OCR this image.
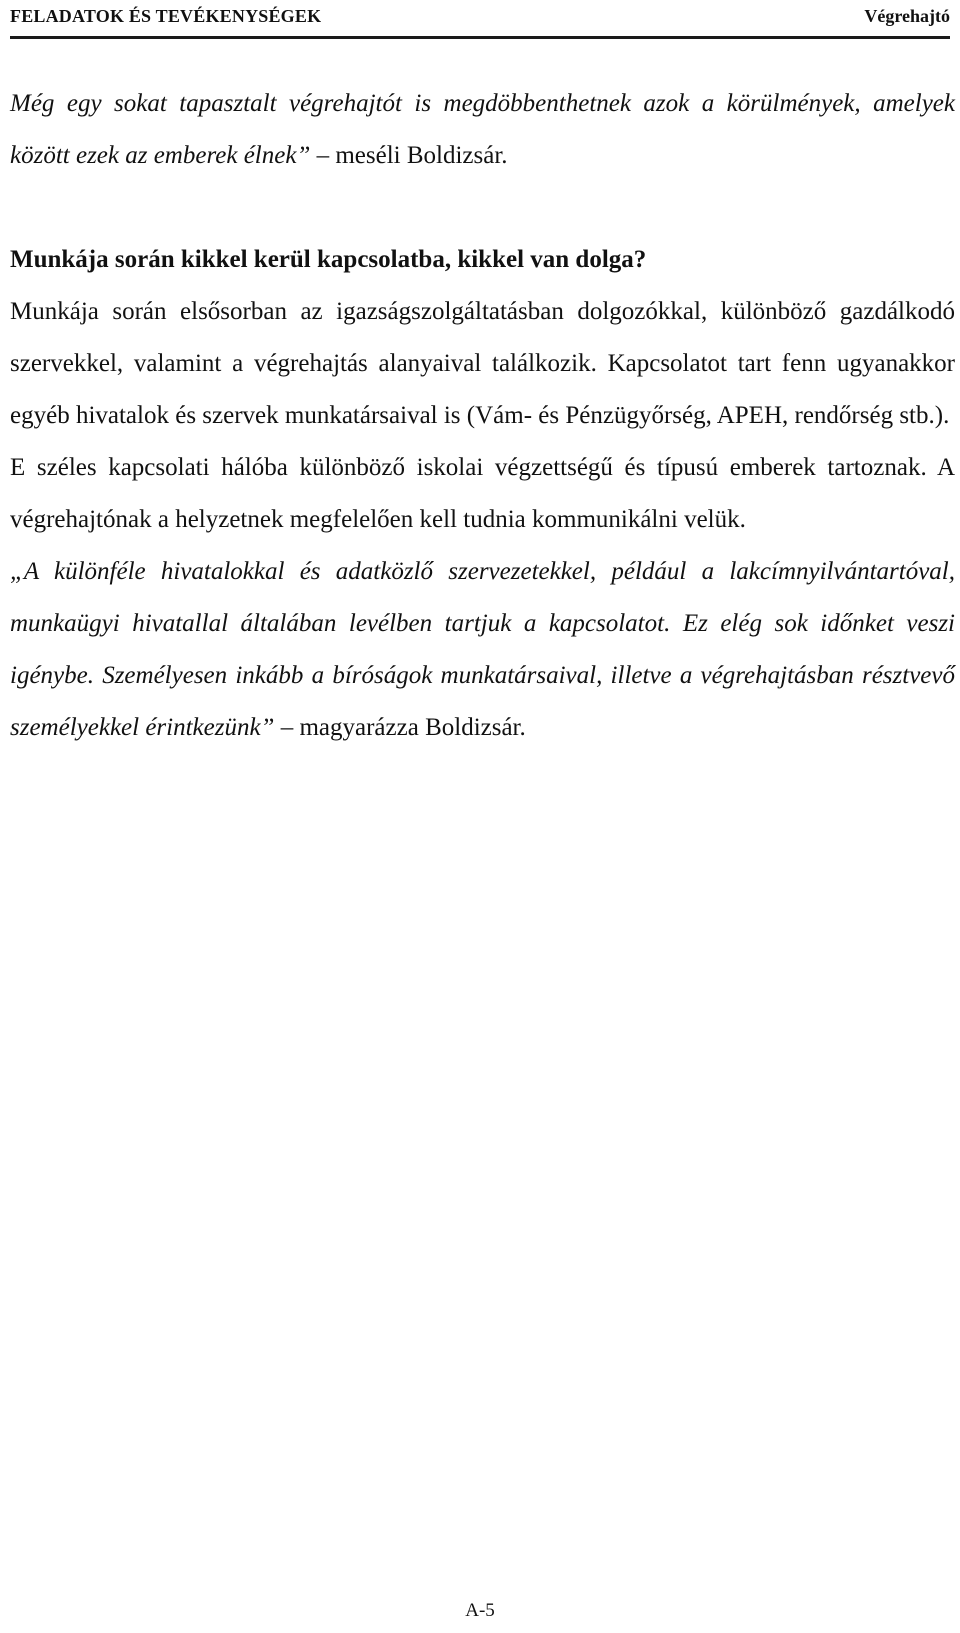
FELADATOK ÉS TEVÉKENYSÉGEK	Végrehajtó

Még egy sokat tapasztalt végrehajtót is megdöbbenthetnek azok a körülmények, amelyek között ezek az emberek élnek” – meséli Boldizsár.

Munkája során kikkel kerül kapcsolatba, kikkel van dolga?

Munkája során elsősorban az igazságszolgáltatásban dolgozókkal, különböző gazdálkodó szervekkel, valamint a végrehajtás alanyaival találkozik. Kapcsolatot tart fenn ugyanakkor egyéb hivatalok és szervek munkatársaival is (Vám- és Pénzügyőrség, APEH, rendőrség stb.).

E széles kapcsolati hálóba különböző iskolai végzettségű és típusú emberek tartoznak. A végrehajtónak a helyzetnek megfelelően kell tudnia kommunikálni velük.

„A különféle hivatalokkal és adatközlő szervezetekkel, például a lakcímnyilvántartóval, munkaügyi hivatallal általában levélben tartjuk a kapcsolatot. Ez elég sok időnket veszi igénybe. Személyesen inkább a bíróságok munkatársaival, illetve a végrehajtásban résztvevő személyekkel érintkezünk” – magyarázza Boldizsár.

A-5
